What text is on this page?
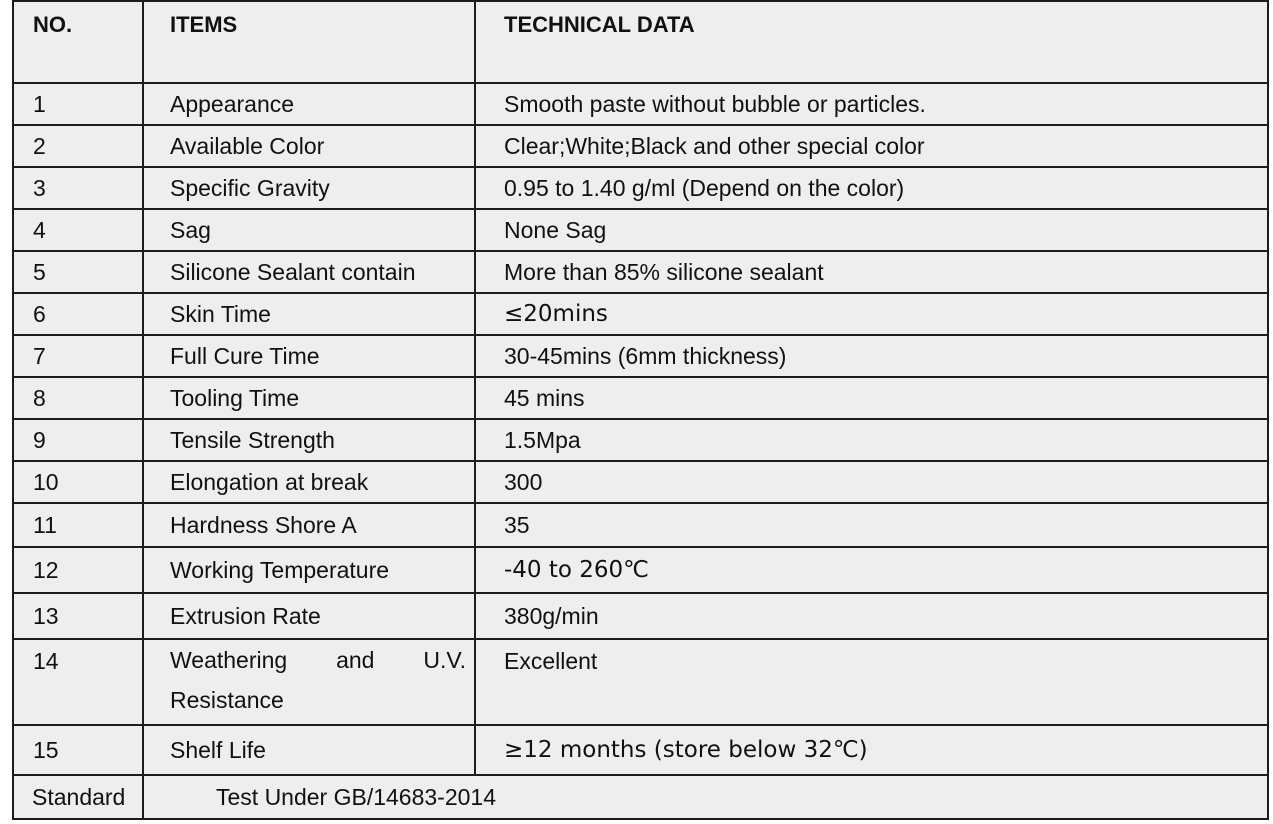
NO.	ITEMS	TECHNICAL DATA
1	Appearance	Smooth paste without bubble or particles.
2	Available Color	Clear;White;Black and other special color
3	Specific Gravity	0.95 to 1.40 g/ml (Depend on the color)
4	Sag	None Sag
5	Silicone Sealant contain	More than 85% silicone sealant
6	Skin Time	≤20mins
7	Full Cure Time	30-45mins (6mm thickness)
8	Tooling Time	45 mins
9	Tensile Strength	1.5Mpa
10	Elongation at break	300
11	Hardness Shore A	35
12	Working Temperature	-40 to 260℃
13	Extrusion Rate	380g/min
14	Weathering and U.V. Resistance	Excellent
15	Shelf Life	≥12 months (store below 32℃)
Standard	Test Under GB/14683-2014	
